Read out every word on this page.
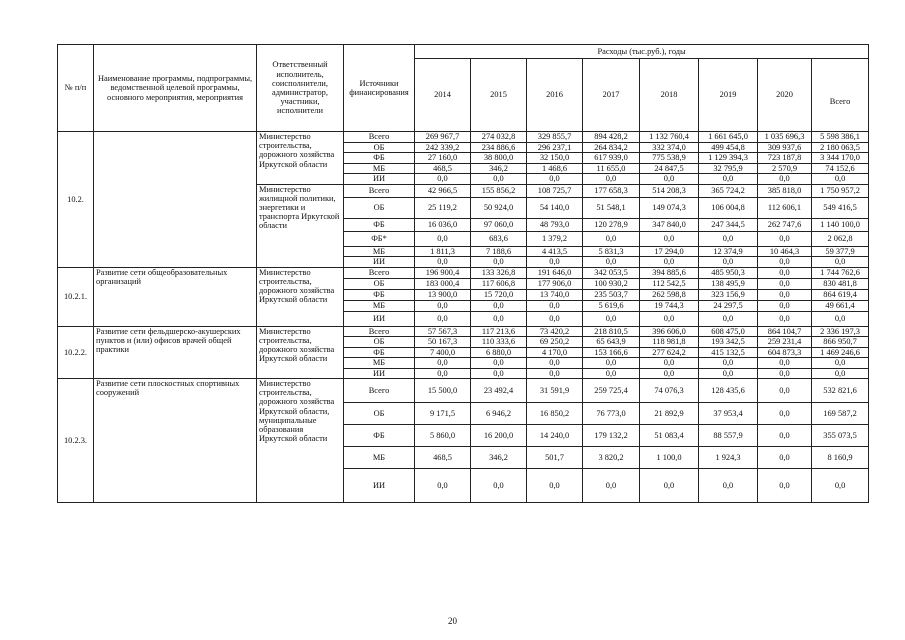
№ п/п	Наименование программы, подпрограммы, ведомственной целевой программы, основного мероприятия, мероприятия	Ответственный исполнитель, соисполнители, администратор, участники, исполнители	Источники финансирования	Расходы (тыс.руб.), годы							
				2014	2015	2016	2017	2018	2019	2020	Всего
10.2.		Министерство строительства, дорожного хозяйства Иркутской области	Всего	269 967,7	274 032,8	329 855,7	894 428,2	1 132 760,4	1 661 645,0	1 035 696,3	5 598 386,1
			ОБ	242 339,2	234 886,6	296 237,1	264 834,2	332 374,0	499 454,8	309 937,6	2 180 063,5
			ФБ	27 160,0	38 800,0	32 150,0	617 939,0	775 538,9	1 129 394,3	723 187,8	3 344 170,0
			МБ	468,5	346,2	1 468,6	11 655,0	24 847,5	32 795,9	2 570,9	74 152,6
			ИИ	0,0	0,0	0,0	0,0	0,0	0,0	0,0	0,0
		Министерство жилищной политики, энергетики и транспорта Иркутской области	Всего	42 966,5	155 856,2	108 725,7	177 658,3	514 208,3	365 724,2	385 818,0	1 750 957,2
			ОБ	25 119,2	50 924,0	54 140,0	51 548,1	149 074,3	106 004,8	112 606,1	549 416,5
			ФБ	16 036,0	97 060,0	48 793,0	120 278,9	347 840,0	247 344,5	262 747,6	1 140 100,0
			ФБ*	0,0	683,6	1 379,2	0,0	0,0	0,0	0,0	2 062,8
			МБ	1 811,3	7 188,6	4 413,5	5 831,3	17 294,0	12 374,9	10 464,3	59 377,9
			ИИ	0,0	0,0	0,0	0,0	0,0	0,0	0,0	0,0
10.2.1.	Развитие сети общеобразовательных организаций	Министерство строительства, дорожного хозяйства Иркутской области	Всего	196 900,4	133 326,8	191 646,0	342 053,5	394 885,6	485 950,3	0,0	1 744 762,6
			ОБ	183 000,4	117 606,8	177 906,0	100 930,2	112 542,5	138 495,9	0,0	830 481,8
			ФБ	13 900,0	15 720,0	13 740,0	235 503,7	262 598,8	323 156,9	0,0	864 619,4
			МБ	0,0	0,0	0,0	5 619,6	19 744,3	24 297,5	0,0	49 661,4
			ИИ	0,0	0,0	0,0	0,0	0,0	0,0	0,0	0,0
10.2.2.	Развитие сети фельдшерско-акушерских пунктов и (или) офисов врачей общей практики	Министерство строительства, дорожного хозяйства Иркутской области	Всего	57 567,3	117 213,6	73 420,2	218 810,5	396 606,0	608 475,0	864 104,7	2 336 197,3
			ОБ	50 167,3	110 333,6	69 250,2	65 643,9	118 981,8	193 342,5	259 231,4	866 950,7
			ФБ	7 400,0	6 880,0	4 170,0	153 166,6	277 624,2	415 132,5	604 873,3	1 469 246,6
			МБ	0,0	0,0	0,0	0,0	0,0	0,0	0,0	0,0
			ИИ	0,0	0,0	0,0	0,0	0,0	0,0	0,0	0,0
10.2.3.	Развитие сети плоскостных спортивных сооружений	Министерство строительства, дорожного хозяйства Иркутской области, муниципальные образования Иркутской области	Всего	15 500,0	23 492,4	31 591,9	259 725,4	74 076,3	128 435,6	0,0	532 821,6
			ОБ	9 171,5	6 946,2	16 850,2	76 773,0	21 892,9	37 953,4	0,0	169 587,2
			ФБ	5 860,0	16 200,0	14 240,0	179 132,2	51 083,4	88 557,9	0,0	355 073,5
			МБ	468,5	346,2	501,7	3 820,2	1 100,0	1 924,3	0,0	8 160,9
			ИИ	0,0	0,0	0,0	0,0	0,0	0,0	0,0	0,0
20
